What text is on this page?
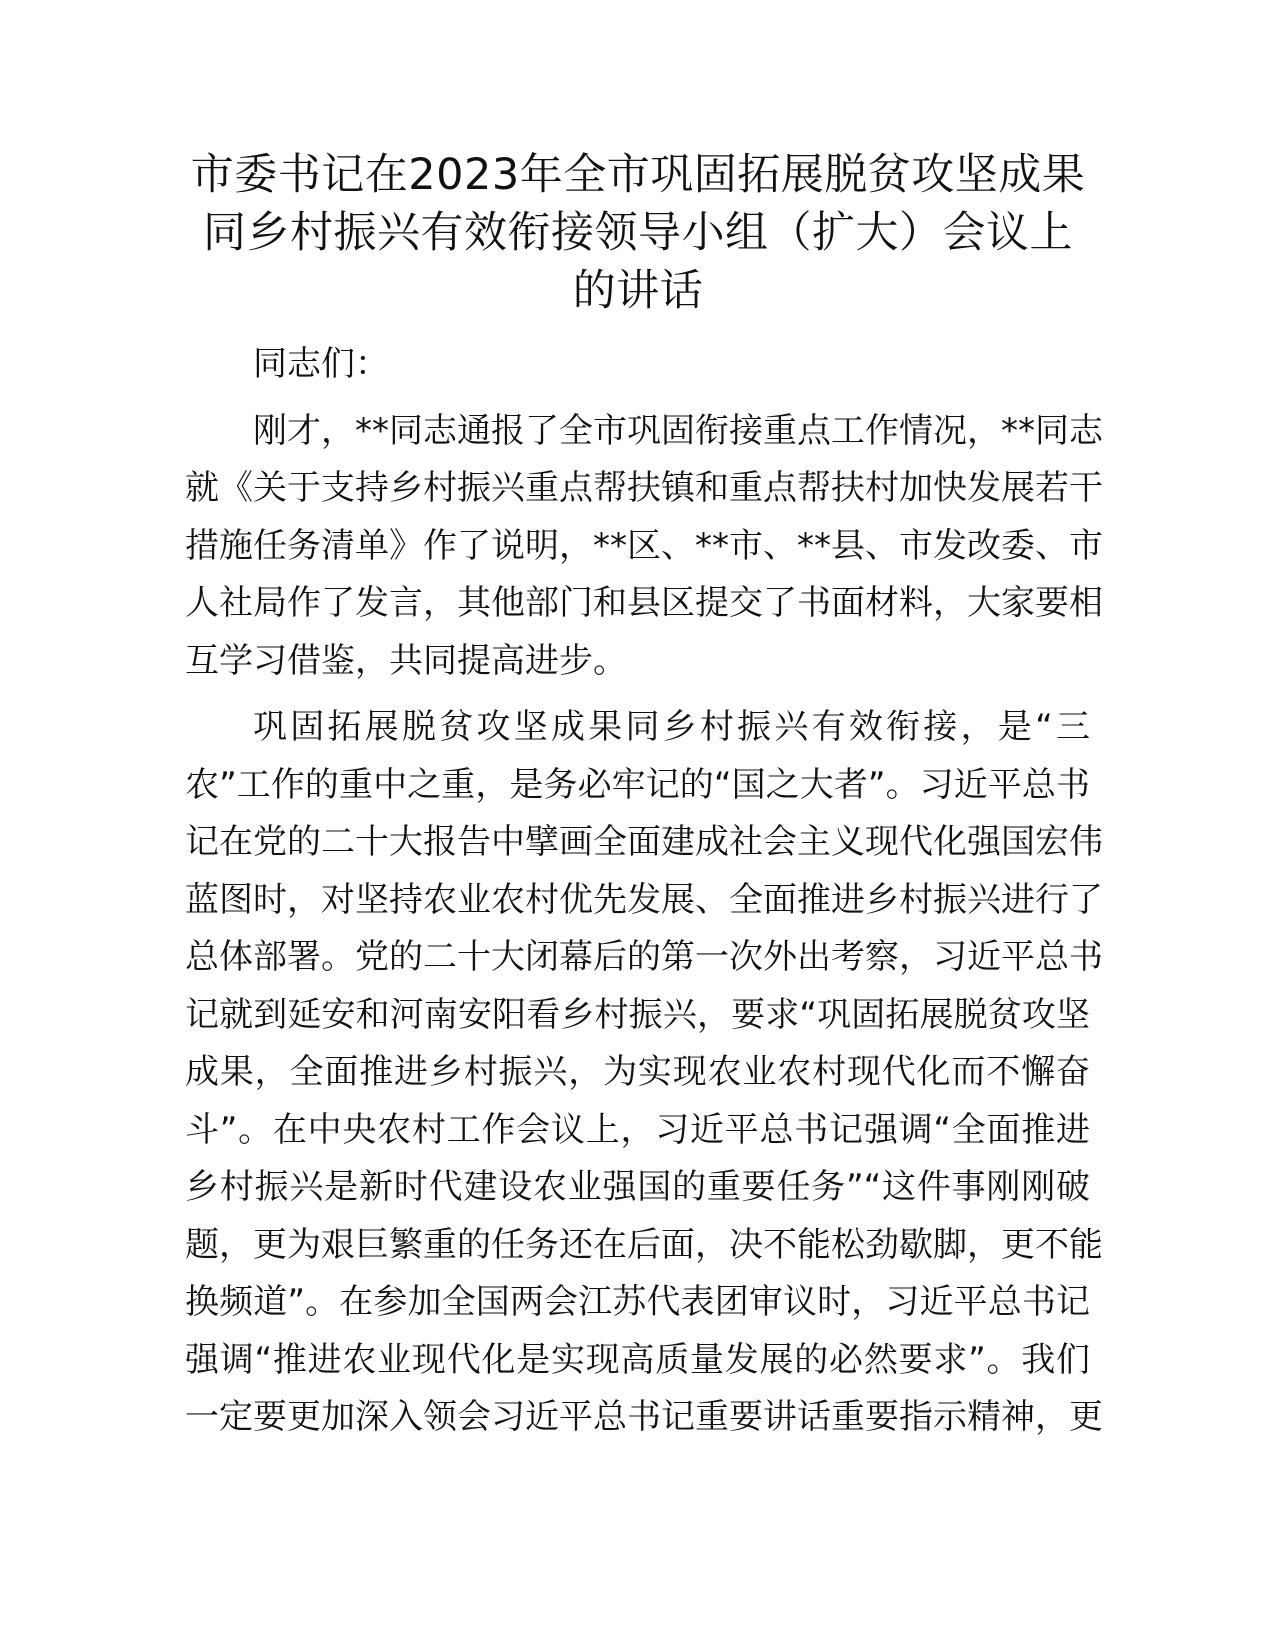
市委书记在2023年全市巩固拓展脱贫攻坚成果
同乡村振兴有效衔接领导小组（扩大）会议上
的讲话
同志们：
刚才，**同志通报了全市巩固衔接重点工作情况，**同志
就《关于支持乡村振兴重点帮扶镇和重点帮扶村加快发展若干
措施任务清单》作了说明，**区、**市、**县、市发改委、市
人社局作了发言，其他部门和县区提交了书面材料，大家要相
互学习借鉴，共同提高进步。
巩固拓展脱贫攻坚成果同乡村振兴有效衔接，是“三
农”工作的重中之重，是务必牢记的“国之大者”。习近平总书
记在党的二十大报告中擘画全面建成社会主义现代化强国宏伟
蓝图时，对坚持农业农村优先发展、全面推进乡村振兴进行了
总体部署。党的二十大闭幕后的第一次外出考察，习近平总书
记就到延安和河南安阳看乡村振兴，要求“巩固拓展脱贫攻坚
成果，全面推进乡村振兴，为实现农业农村现代化而不懈奋
斗”。在中央农村工作会议上，习近平总书记强调“全面推进
乡村振兴是新时代建设农业强国的重要任务”“这件事刚刚破
题，更为艰巨繁重的任务还在后面，决不能松劲歇脚，更不能
换频道”。在参加全国两会江苏代表团审议时，习近平总书记
强调“推进农业现代化是实现高质量发展的必然要求”。我们
一定要更加深入领会习近平总书记重要讲话重要指示精神，更
